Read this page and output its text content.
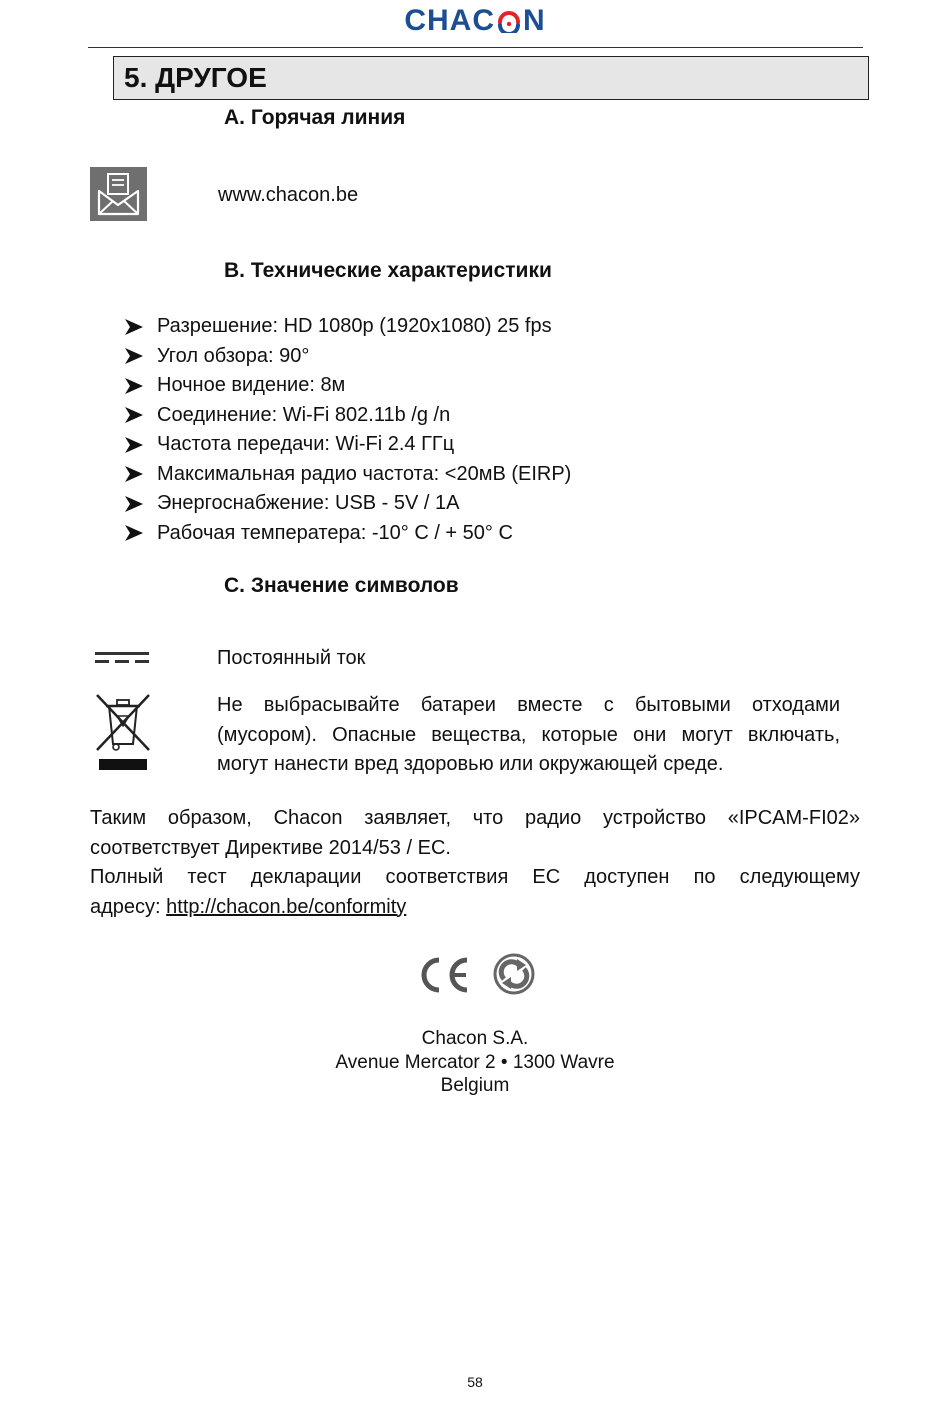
CHAC N
5. ДРУГОЕ
A. Горячая линия
www.chacon.be
B. Технические характеристики
Разрешение: HD 1080p (1920x1080) 25 fps
Угол обзора: 90°
Ночное видение: 8м
Соединение: Wi-Fi 802.11b /g /n
Частота передачи: Wi-Fi 2.4 ГГц
Максимальная радио частота: <20мВ (EIRP)
Энергоснабжение: USB - 5V / 1A
Рабочая температера: -10° C / + 50° C
C. Значение символов
Постоянный ток
Не выбрасывайте батареи вместе с бытовыми отходами
(мусором). Опасные вещества, которые они могут включать,
могут нанести вред здоровью или окружающей среде.
Таким образом, Chacon заявляет, что радио устройство «IPCAM-FI02»
соответствует Директиве 2014/53 / ЕС.
Полный тест декларации соответствия ЕС доступен по следующему
адресу: http://chacon.be/conformity
Chacon S.A.
Avenue Mercator 2 • 1300 Wavre
Belgium
58
